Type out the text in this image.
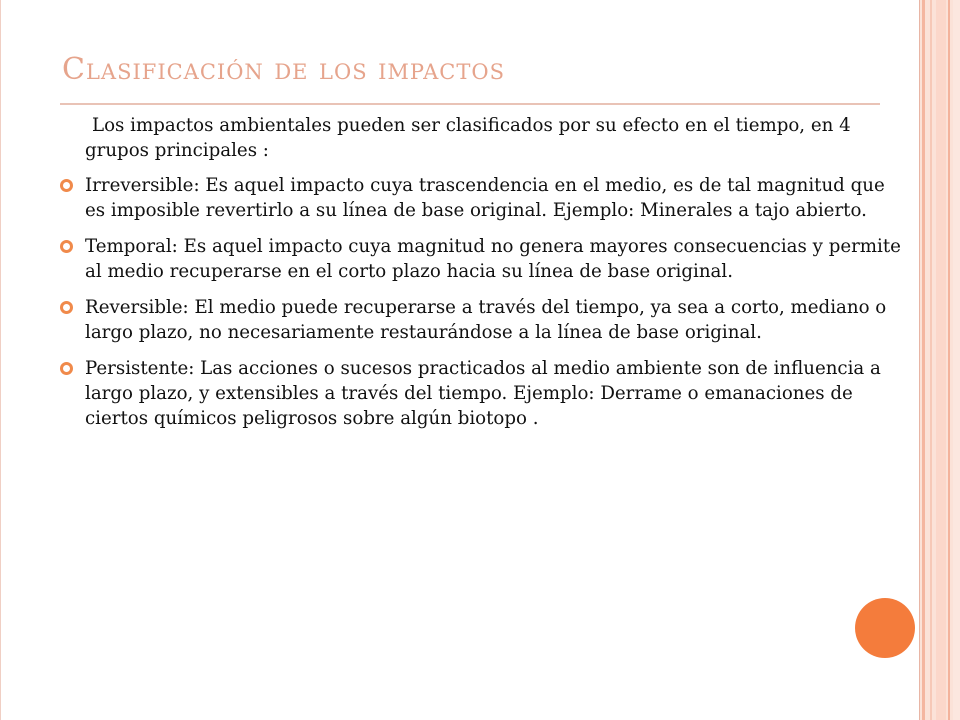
Clasificación de los impactos
Los impactos ambientales pueden ser clasificados por su efecto en el tiempo, en 4 grupos principales :
Irreversible: Es aquel impacto cuya trascendencia en el medio, es de tal magnitud que es imposible revertirlo a su línea de base original. Ejemplo: Minerales a tajo abierto.
Temporal: Es aquel impacto cuya magnitud no genera mayores consecuencias y permite al medio recuperarse en el corto plazo hacia su línea de base original.
Reversible: El medio puede recuperarse a través del tiempo, ya sea a corto, mediano o largo plazo, no necesariamente restaurándose a la línea de base original.
Persistente: Las acciones o sucesos practicados al medio ambiente son de influencia a largo plazo, y extensibles a través del tiempo. Ejemplo: Derrame o emanaciones de ciertos químicos peligrosos sobre algún biotopo .
